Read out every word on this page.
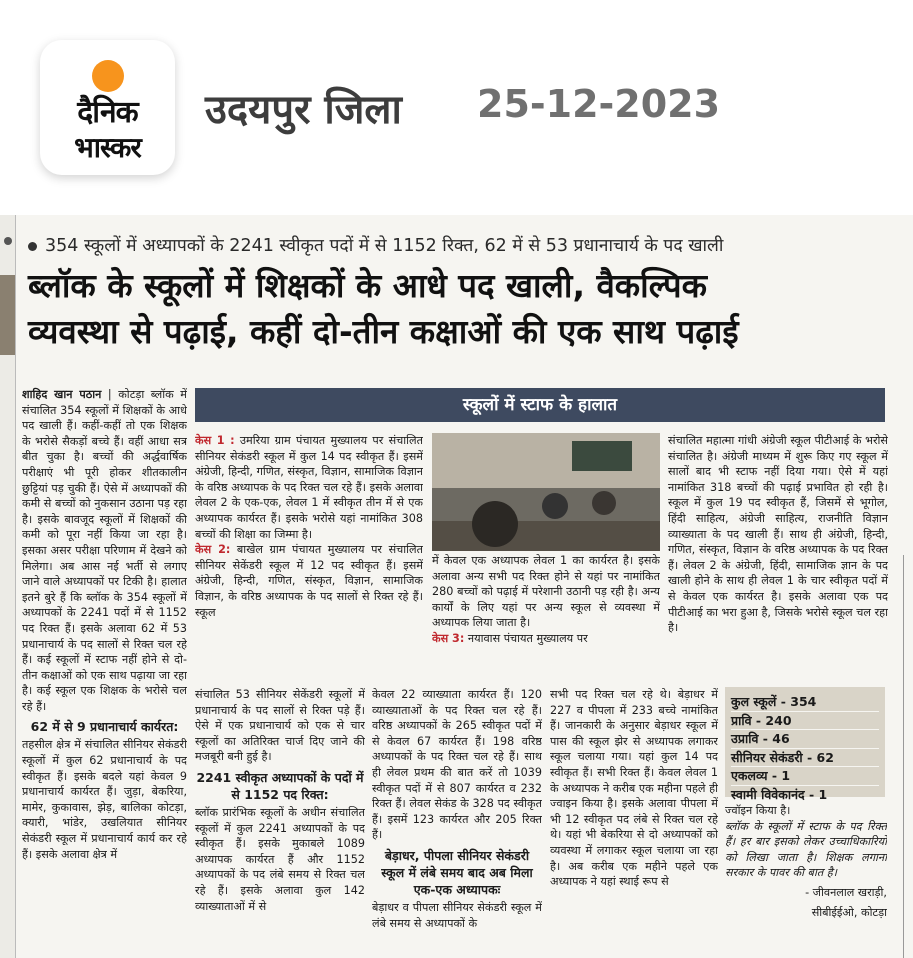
दैनिक
भास्कर
उदयपुर जिला 25-12-2023
354 स्कूलों में अध्यापकों के 2241 स्वीकृत पदों में से 1152 रिक्त, 62 में से 53 प्रधानाचार्य के पद खाली
ब्लॉक के स्कूलों में शिक्षकों के आधे पद खाली, वैकल्पिक
व्यवस्था से पढ़ाई, कहीं दो-तीन कक्षाओं की एक साथ पढ़ाई
स्कूलों में स्टाफ के हालात

शाहिद खान पठान | कोटड़ा ब्लॉक में संचालित 354 स्कूलों में शिक्षकों के आधे पद खाली हैं। कहीं-कहीं तो एक शिक्षक के भरोसे सैकड़ों बच्चे हैं। वहीं आधा सत्र बीत चुका है। बच्चों की अर्द्धवार्षिक परीक्षाएं भी पूरी होकर शीतकालीन छुट्टियां पड़ चुकी हैं। ऐसे में अध्यापकों की कमी से बच्चों को नुकसान उठाना पड़ रहा है। इसके बावजूद स्कूलों में शिक्षकों की कमी को पूरा नहीं किया जा रहा है। इसका असर परीक्षा परिणाम में देखने को मिलेगा। अब आस नई भर्ती से लगाए जाने वाले अध्यापकों पर टिकी है। हालात इतने बुरे हैं कि ब्लॉक के 354 स्कूलों में अध्यापकों के 2241 पदों में से 1152 पद रिक्त हैं। इसके अलावा 62 में 53 प्रधानाचार्य के पद सालों से रिक्त चल रहे हैं। कई स्कूलों में स्टाफ नहीं होने से दो- तीन कक्षाओं को एक साथ पढ़ाया जा रहा है। कई स्कूल एक शिक्षक के भरोसे चल रहे हैं।

62 में से 9 प्रधानाचार्य कार्यरत:

तहसील क्षेत्र में संचालित सीनियर सेकंडरी स्कूलों में कुल 62 प्रधानाचार्य के पद स्वीकृत हैं। इसके बदले यहां केवल 9 प्रधानाचार्य कार्यरत हैं। जुड़ा, बेकरिया, मामेर, कुकावास, झेड़, बालिका कोटड़ा, क्यारी, भांडेर, उखलियात सीनियर सेकंडरी स्कूल में प्रधानाचार्य कार्य कर रहे हैं। इसके अलावा क्षेत्र में

केस 1 : उमरिया ग्राम पंचायत मुख्यालय पर संचालित सीनियर सेकंडरी स्कूल में कुल 14 पद स्वीकृत हैं। इसमें अंग्रेजी, हिन्दी, गणित, संस्कृत, विज्ञान, सामाजिक विज्ञान के वरिष्ठ अध्यापक के पद रिक्त चल रहे हैं। इसके अलावा लेवल 2 के एक-एक, लेवल 1 में स्वीकृत तीन में से एक अध्यापक कार्यरत हैं। इसके भरोसे यहां नामांकित 308 बच्चों की शिक्षा का जिम्मा है।

केस 2: बाखेल ग्राम पंचायत मुख्यालय पर संचालित सीनियर सेकेंडरी स्कूल में 12 पद स्वीकृत हैं। इसमें अंग्रेजी, हिन्दी, गणित, संस्कृत, विज्ञान, सामाजिक विज्ञान, के वरिष्ठ अध्यापक के पद सालों से रिक्त रहे हैं। स्कूल

में केवल एक अध्यापक लेवल 1 का कार्यरत है। इसके अलावा अन्य सभी पद रिक्त होने से यहां पर नामांकित 280 बच्चों को पढ़ाई में परेशानी उठानी पड़ रही है। अन्य कार्यों के लिए यहां पर अन्य स्कूल से व्यवस्था में अध्यापक लिया जाता है।

केस 3: नयावास पंचायत मुख्यालय पर

संचालित महात्मा गांधी अंग्रेजी स्कूल पीटीआई के भरोसे संचालित है। अंग्रेजी माध्यम में शुरू किए गए स्कूल में सालों बाद भी स्टाफ नहीं दिया गया। ऐसे में यहां नामांकित 318 बच्चों की पढ़ाई प्रभावित हो रही है। स्कूल में कुल 19 पद स्वीकृत हैं, जिसमें से भूगोल, हिंदी साहित्य, अंग्रेजी साहित्य, राजनीति विज्ञान व्याख्याता के पद खाली हैं। साथ ही अंग्रेजी, हिन्दी, गणित, संस्कृत, विज्ञान के वरिष्ठ अध्यापक के पद रिक्त हैं। लेवल 2 के अंग्रेजी, हिंदी, सामाजिक ज्ञान के पद खाली होने के साथ ही लेवल 1 के चार स्वीकृत पदों में से केवल एक कार्यरत है। इसके अलावा एक पद पीटीआई का भरा हुआ है, जिसके भरोसे स्कूल चल रहा है।

संचालित 53 सीनियर सेकेंडरी स्कूलों में प्रधानाचार्य के पद सालों से रिक्त पड़े हैं। ऐसे में एक प्रधानाचार्य को एक से चार स्कूलों का अतिरिक्त चार्ज दिए जाने की मजबूरी बनी हुई है।

2241 स्वीकृत अध्यापकों के पदों में से 1152 पद रिक्त:

ब्लॉक प्रारंभिक स्कूलों के अधीन संचालित स्कूलों में कुल 2241 अध्यापकों के पद स्वीकृत हैं। इसके मुकाबले 1089 अध्यापक कार्यरत हैं और 1152 अध्यापकों के पद लंबे समय से रिक्त चल रहे हैं। इसके अलावा कुल 142 व्याख्याताओं में से

केवल 22 व्याख्याता कार्यरत हैं। 120 व्याख्याताओं के पद रिक्त चल रहे हैं। वरिष्ठ अध्यापकों के 265 स्वीकृत पदों में से केवल 67 कार्यरत हैं। 198 वरिष्ठ अध्यापकों के पद रिक्त चल रहे हैं। साथ ही लेवल प्रथम की बात करें तो 1039 स्वीकृत पदों में से 807 कार्यरत व 232 रिक्त हैं। लेवल सेकंड के 328 पद स्वीकृत हैं। इसमें 123 कार्यरत और 205 रिक्त हैं।

बेड़ाधर, पीपला सीनियर सेकंडरी स्कूल में लंबे समय बाद अब मिला एक-एक अध्यापकः

बेड़ाधर व पीपला सीनियर सेकंडरी स्कूल में लंबे समय से अध्यापकों के

सभी पद रिक्त चल रहे थे। बेड़ाधर में 227 व पीपला में 233 बच्चे नामांकित हैं। जानकारी के अनुसार बेड़ाधर स्कूल में पास की स्कूल झेर से अध्यापक लगाकर स्कूल चलाया गया। यहां कुल 14 पद स्वीकृत हैं। सभी रिक्त हैं। केवल लेवल 1 के अध्यापक ने करीब एक महीना पहले ही ज्वाइन किया है। इसके अलावा पीपला में भी 12 स्वीकृत पद लंबे से रिक्त चल रहे थे। यहां भी बेकरिया से दो अध्यापकों को व्यवस्था में लगाकर स्कूल चलाया जा रहा है। अब करीब एक महीने पहले एक अध्यापक ने यहां स्थाई रूप से

कुल स्कूलें - 354
प्रावि - 240
उप्रावि - 46
सीनियर सेकंडरी - 62
एकलव्य - 1
स्वामी विवेकानंद - 1

ज्वॉइन किया है।

ब्लॉक के स्कूलों में स्टाफ के पद रिक्त हैं। हर बार इसको लेकर उच्चाधिकारियों को लिखा जाता है। शिक्षक लगाना सरकार के पावर की बात है।

- जीवनलाल खराड़ी,

सीबीईईओ, कोटड़ा
